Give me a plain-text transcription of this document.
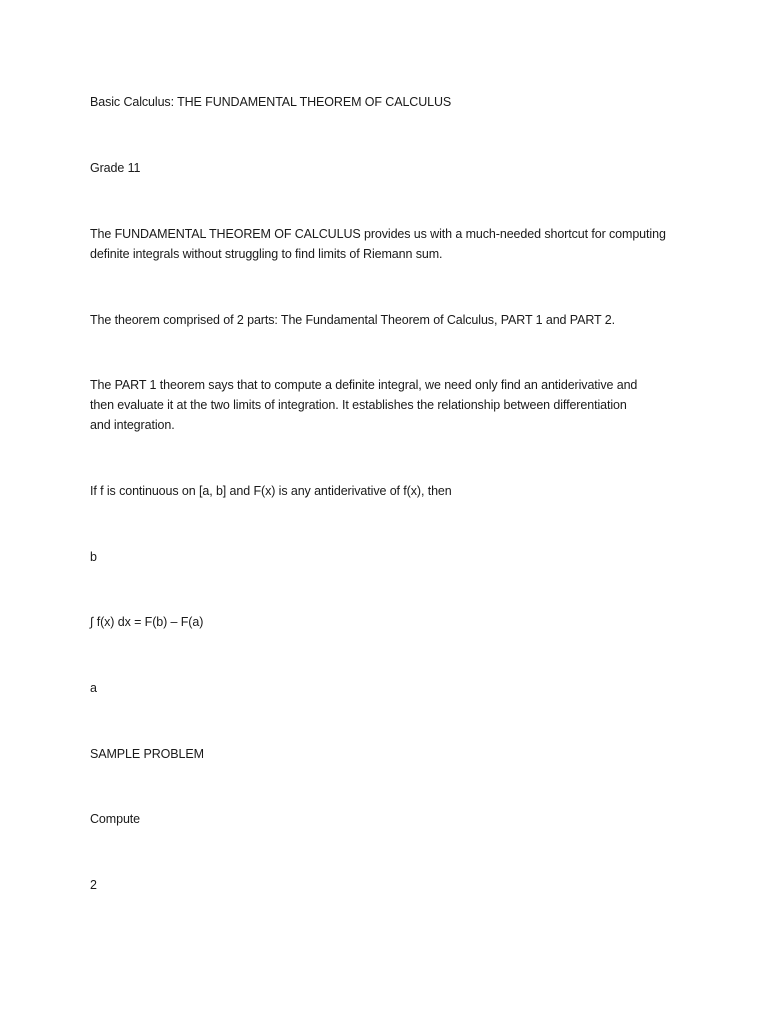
Basic Calculus: THE FUNDAMENTAL THEOREM OF CALCULUS
Grade 11
The FUNDAMENTAL THEOREM OF CALCULUS provides us with a much-needed shortcut for computing
definite integrals without struggling to find limits of Riemann sum.
The theorem comprised of 2 parts: The Fundamental Theorem of Calculus, PART 1 and PART 2.
The PART 1 theorem says that to compute a definite integral, we need only find an antiderivative and
then evaluate it at the two limits of integration. It establishes the relationship between differentiation
and integration.
If f is continuous on [a, b] and F(x) is any antiderivative of f(x), then
b
∫ f(x) dx = F(b) – F(a)
a
SAMPLE PROBLEM
Compute
2
